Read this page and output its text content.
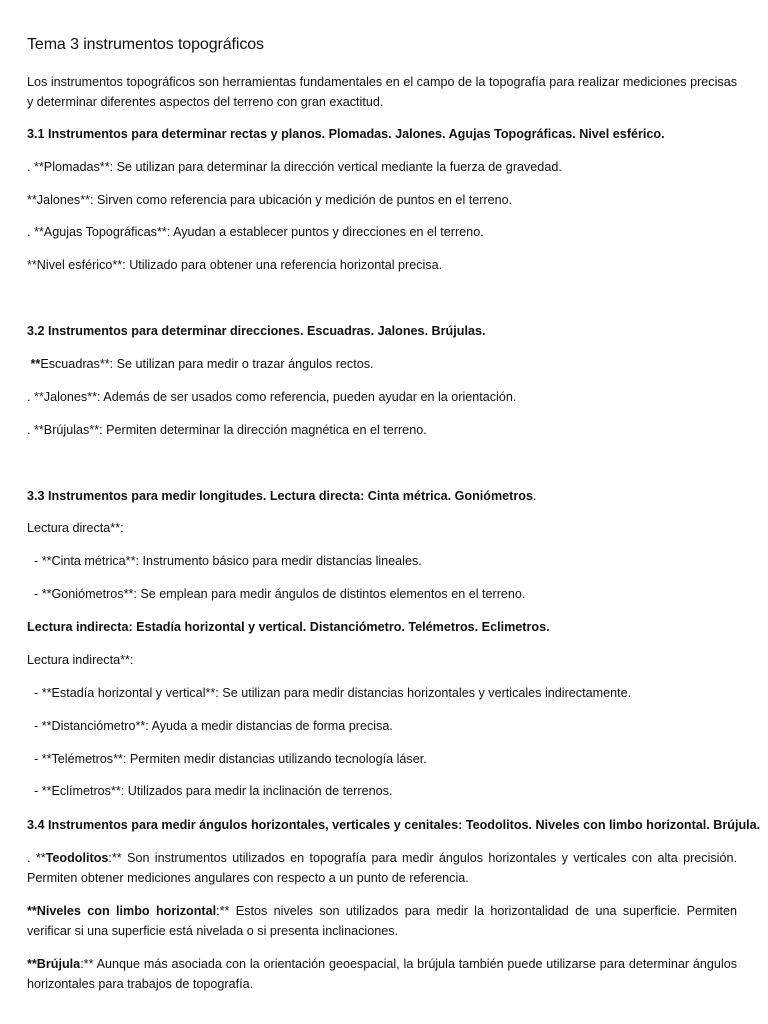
Tema 3 instrumentos topográficos
Los instrumentos topográficos son herramientas fundamentales en el campo de la topografía para realizar mediciones precisas y determinar diferentes aspectos del terreno con gran exactitud.
3.1 Instrumentos para determinar rectas y planos. Plomadas. Jalones. Agujas Topográficas. Nivel esférico.
. **Plomadas**: Se utilizan para determinar la dirección vertical mediante la fuerza de gravedad.
**Jalones**: Sirven como referencia para ubicación y medición de puntos en el terreno.
. **Agujas Topográficas**: Ayudan a establecer puntos y direcciones en el terreno.
**Nivel esférico**: Utilizado para obtener una referencia horizontal precisa.
3.2 Instrumentos para determinar direcciones. Escuadras. Jalones. Brújulas.
**Escuadras**: Se utilizan para medir o trazar ángulos rectos.
. **Jalones**: Además de ser usados como referencia, pueden ayudar en la orientación.
. **Brújulas**: Permiten determinar la dirección magnética en el terreno.
3.3 Instrumentos para medir longitudes. Lectura directa: Cinta métrica. Goniómetros.
Lectura directa**:
- **Cinta métrica**: Instrumento básico para medir distancias lineales.
- **Goniómetros**: Se emplean para medir ángulos de distintos elementos en el terreno.
Lectura indirecta: Estadía horizontal y vertical. Distanciómetro. Telémetros. Eclimetros.
Lectura indirecta**:
- **Estadía horizontal y vertical**: Se utilizan para medir distancias horizontales y verticales indirectamente.
- **Distanciómetro**: Ayuda a medir distancias de forma precisa.
- **Telémetros**: Permiten medir distancias utilizando tecnología láser.
- **Eclímetros**: Utilizados para medir la inclinación de terrenos.
3.4 Instrumentos para medir ángulos horizontales, verticales y cenitales: Teodolitos. Niveles con limbo horizontal. Brújula.
. **Teodolitos:** Son instrumentos utilizados en topografía para medir ángulos horizontales y verticales con alta precisión. Permiten obtener mediciones angulares con respecto a un punto de referencia.
**Niveles con limbo horizontal:** Estos niveles son utilizados para medir la horizontalidad de una superficie. Permiten verificar si una superficie está nivelada o si presenta inclinaciones.
**Brújula:** Aunque más asociada con la orientación geoespacial, la brújula también puede utilizarse para determinar ángulos horizontales para trabajos de topografía.
